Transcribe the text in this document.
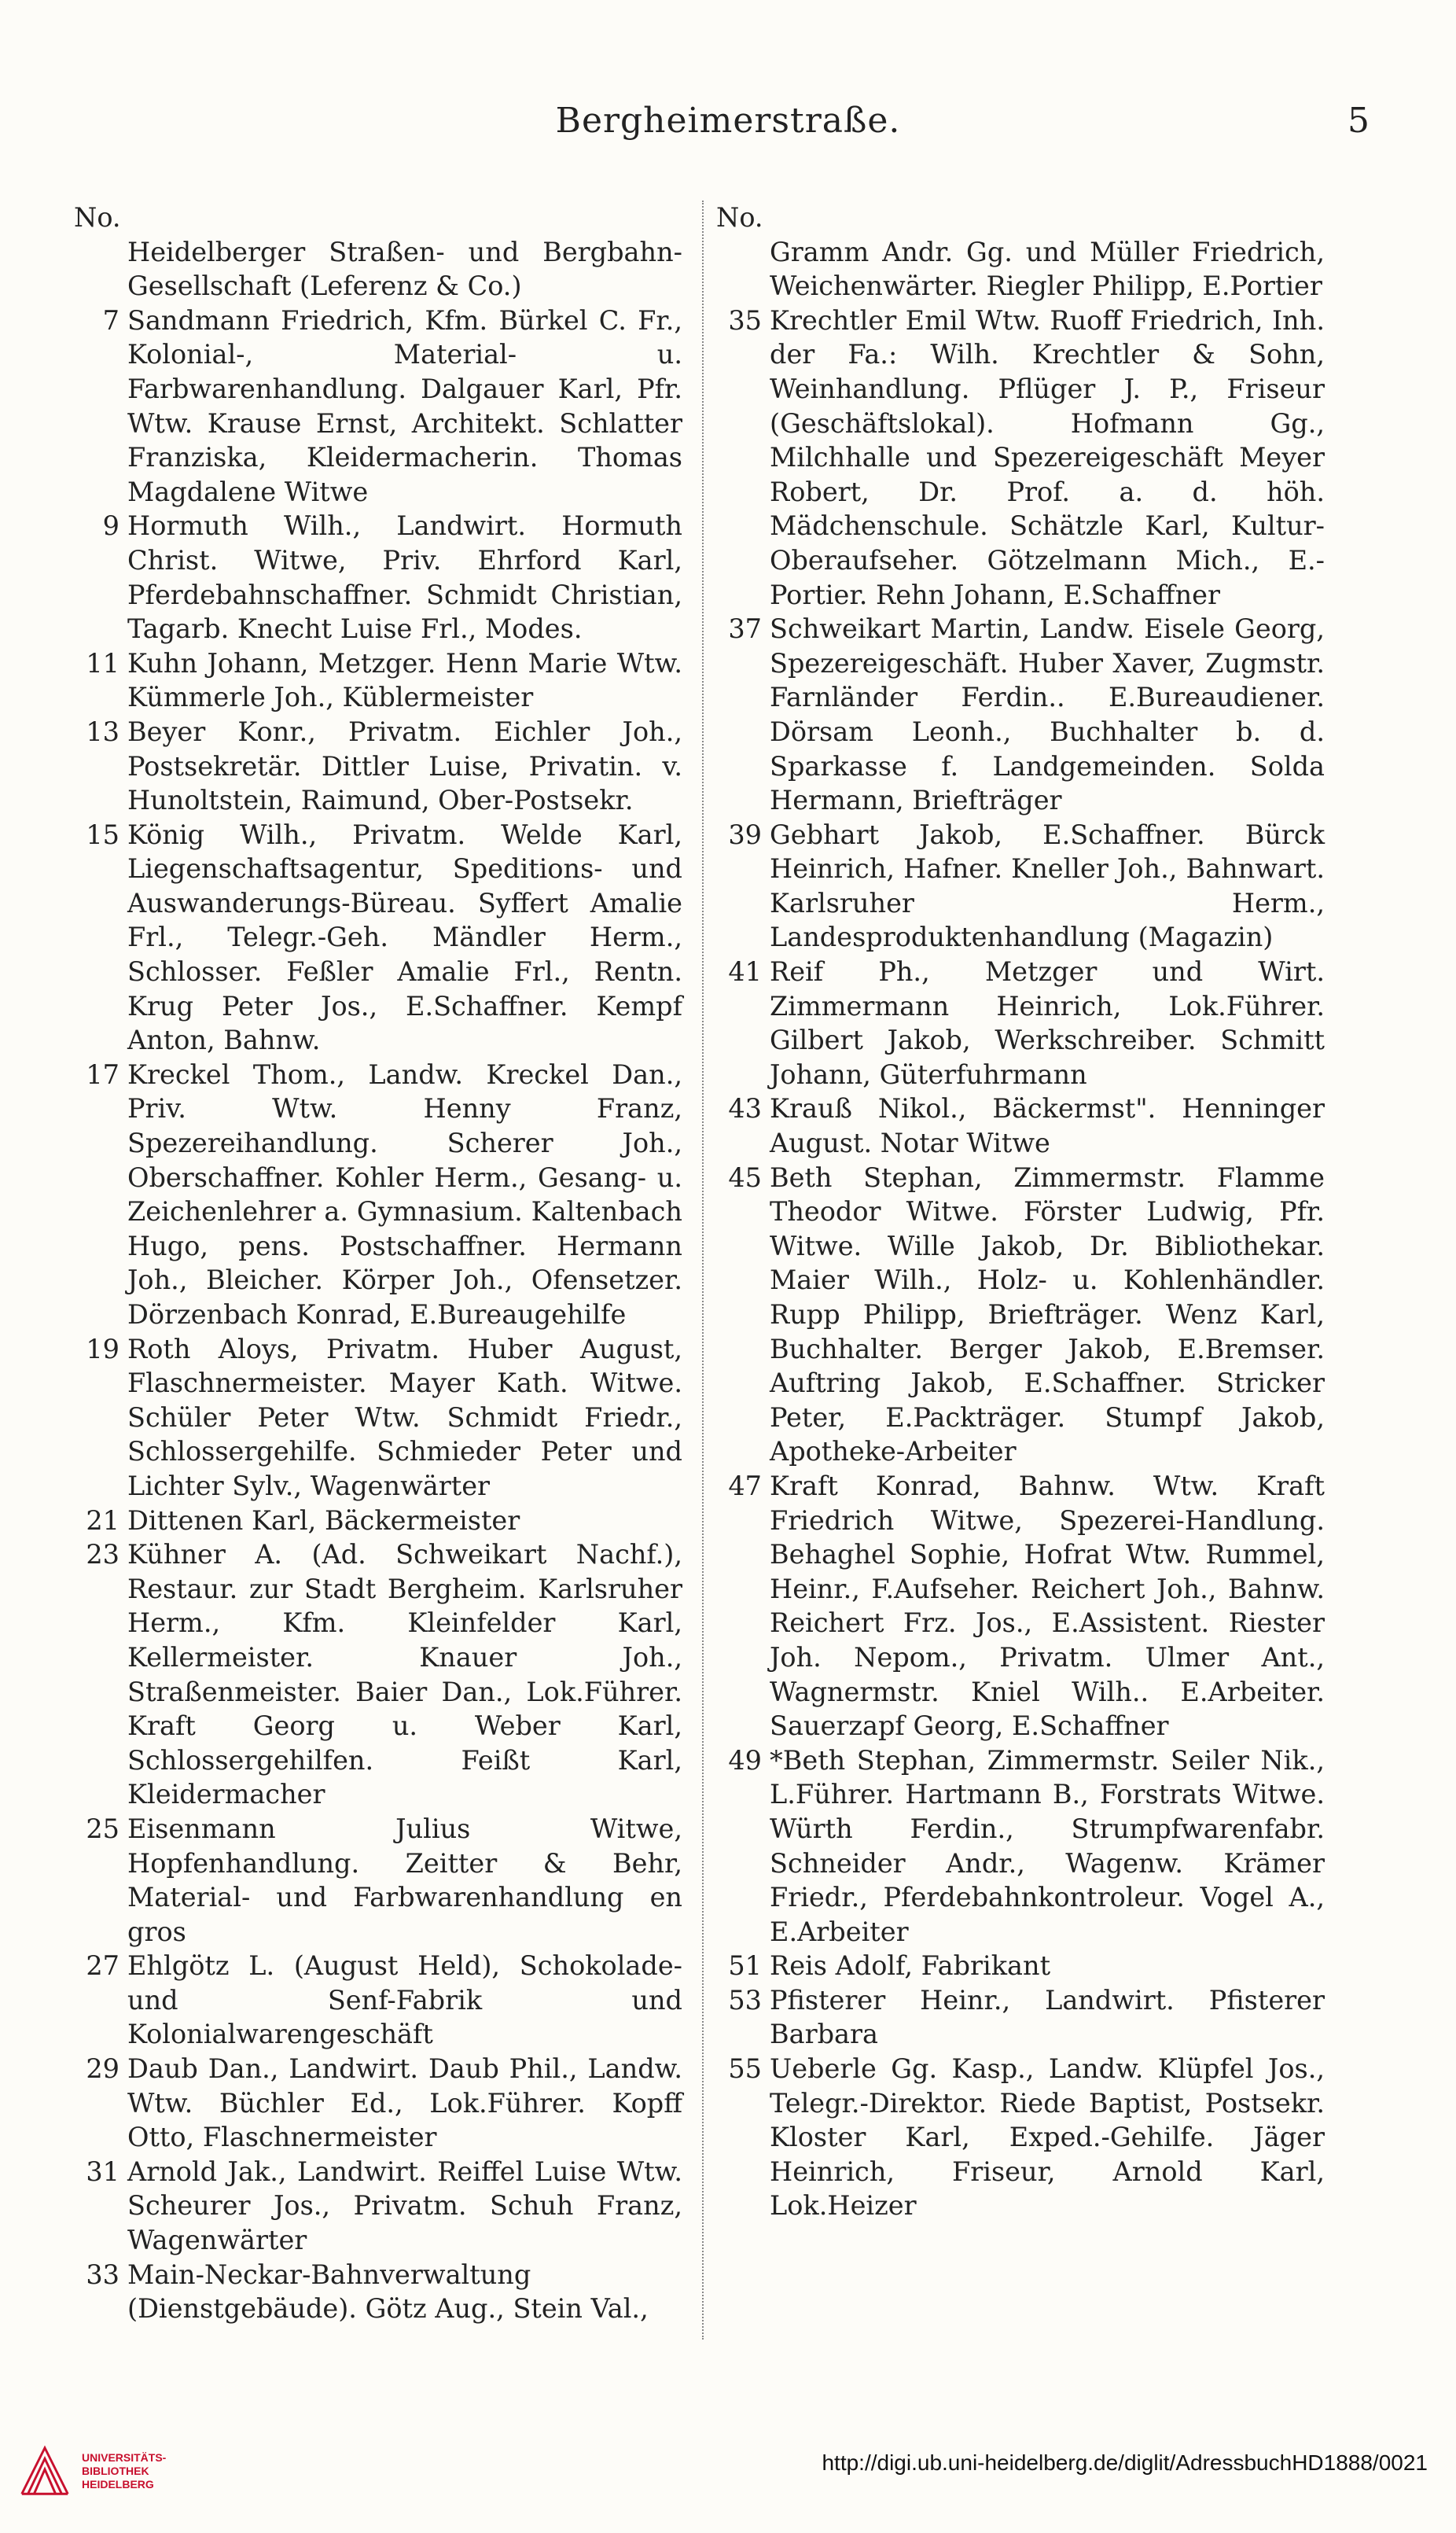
Bergheimerstraße.	5
No.
Heidelberger Straßen- und Bergbahn-Gesellschaft (Leferenz & Co.)
7 Sandmann Friedrich, Kfm. Bürkel C. Fr., Kolonial-, Material- u. Farbwarenhandlung. Dalgauer Karl, Pfr. Wtw. Krause Ernst, Architekt. Schlatter Franziska, Kleidermacherin. Thomas Magdalene Witwe
9 Hormuth Wilh., Landwirt. Hormuth Christ. Witwe, Priv. Ehrford Karl, Pferdebahnschaffner. Schmidt Christian, Tagarb. Knecht Luise Frl., Modes.
11 Kuhn Johann, Metzger. Henn Marie Wtw. Kümmerle Joh., Küblermeister
13 Beyer Konr., Privatm. Eichler Joh., Postsekretär. Dittler Luise, Privatin. v. Hunoltstein, Raimund, Ober-Postsekr.
15 König Wilh., Privatm. Welde Karl, Liegenschaftsagentur, Speditions- und Auswanderungs-Büreau. Syffert Amalie Frl., Telegr.-Geh. Mändler Herm., Schlosser. Feßler Amalie Frl., Rentn. Krug Peter Jos., E.Schaffner. Kempf Anton, Bahnw.
17 Kreckel Thom., Landw. Kreckel Dan., Priv. Wtw. Henny Franz, Spezereihandlung. Scherer Joh., Oberschaffner. Kohler Herm., Gesang- u. Zeichenlehrer a. Gymnasium. Kaltenbach Hugo, pens. Postschaffner. Hermann Joh., Bleicher. Körper Joh., Ofensetzer. Dörzenbach Konrad, E.Bureaugehilfe
19 Roth Aloys, Privatm. Huber August, Flaschnermeister. Mayer Kath. Witwe. Schüler Peter Wtw. Schmidt Friedr., Schlossergehilfe. Schmieder Peter und Lichter Sylv., Wagenwärter
21 Dittenen Karl, Bäckermeister
23 Kühner A. (Ad. Schweikart Nachf.), Restaur. zur Stadt Bergheim. Karlsruher Herm., Kfm. Kleinfelder Karl, Kellermeister. Knauer Joh., Straßenmeister. Baier Dan., Lok.Führer. Kraft Georg u. Weber Karl, Schlossergehilfen. Feißt Karl, Kleidermacher
25 Eisenmann Julius Witwe, Hopfenhandlung. Zeitter & Behr, Material- und Farbwarenhandlung en gros
27 Ehlgötz L. (August Held), Schokolade- und Senf-Fabrik und Kolonialwarengeschäft
29 Daub Dan., Landwirt. Daub Phil., Landw. Wtw. Büchler Ed., Lok.Führer. Kopff Otto, Flaschnermeister
31 Arnold Jak., Landwirt. Reiffel Luise Wtw. Scheurer Jos., Privatm. Schuh Franz, Wagenwärter
33 Main-Neckar-Bahnverwaltung (Dienstgebäude). Götz Aug., Stein Val.,
No.
Gramm Andr. Gg. und Müller Friedrich, Weichenwärter. Riegler Philipp, E.Portier
35 Krechtler Emil Wtw. Ruoff Friedrich, Inh. der Fa.: Wilh. Krechtler & Sohn, Weinhandlung. Pflüger J. P., Friseur (Geschäftslokal). Hofmann Gg., Milchhalle und Spezereigeschäft Meyer Robert, Dr. Prof. a. d. höh. Mädchenschule. Schätzle Karl, Kultur-Oberaufseher. Götzelmann Mich., E.-Portier. Rehn Johann, E.Schaffner
37 Schweikart Martin, Landw. Eisele Georg, Spezereigeschäft. Huber Xaver, Zugmstr. Farnländer Ferdin.. E.Bureaudiener. Dörsam Leonh., Buchhalter b. d. Sparkasse f. Landgemeinden. Solda Hermann, Briefträger
39 Gebhart Jakob, E.Schaffner. Bürck Heinrich, Hafner. Kneller Joh., Bahnwart. Karlsruher Herm., Landesproduktenhandlung (Magazin)
41 Reif Ph., Metzger und Wirt. Zimmermann Heinrich, Lok.Führer. Gilbert Jakob, Werkschreiber. Schmitt Johann, Güterfuhrmann
43 Krauß Nikol., Bäckermst". Henninger August. Notar Witwe
45 Beth Stephan, Zimmermstr. Flamme Theodor Witwe. Förster Ludwig, Pfr. Witwe. Wille Jakob, Dr. Bibliothekar. Maier Wilh., Holz- u. Kohlenhändler. Rupp Philipp, Briefträger. Wenz Karl, Buchhalter. Berger Jakob, E.Bremser. Auftring Jakob, E.Schaffner. Stricker Peter, E.Packträger. Stumpf Jakob, Apotheke-Arbeiter
47 Kraft Konrad, Bahnw. Wtw. Kraft Friedrich Witwe, Spezerei-Handlung. Behaghel Sophie, Hofrat Wtw. Rummel, Heinr., F.Aufseher. Reichert Joh., Bahnw. Reichert Frz. Jos., E.Assistent. Riester Joh. Nepom., Privatm. Ulmer Ant., Wagnermstr. Kniel Wilh.. E.Arbeiter. Sauerzapf Georg, E.Schaffner
49 *Beth Stephan, Zimmermstr. Seiler Nik., L.Führer. Hartmann B., Forstrats Witwe. Würth Ferdin., Strumpfwarenfabr. Schneider Andr., Wagenw. Krämer Friedr., Pferdebahnkontroleur. Vogel A., E.Arbeiter
51 Reis Adolf, Fabrikant
53 Pfisterer Heinr., Landwirt. Pfisterer Barbara
55 Ueberle Gg. Kasp., Landw. Klüpfel Jos., Telegr.-Direktor. Riede Baptist, Postsekr. Kloster Karl, Exped.-Gehilfe. Jäger Heinrich, Friseur, Arnold Karl, Lok.Heizer
UNIVERSITÄTS-
BIBLIOTHEK
HEIDELBERG
http://digi.ub.uni-heidelberg.de/diglit/AdressbuchHD1888/0021
